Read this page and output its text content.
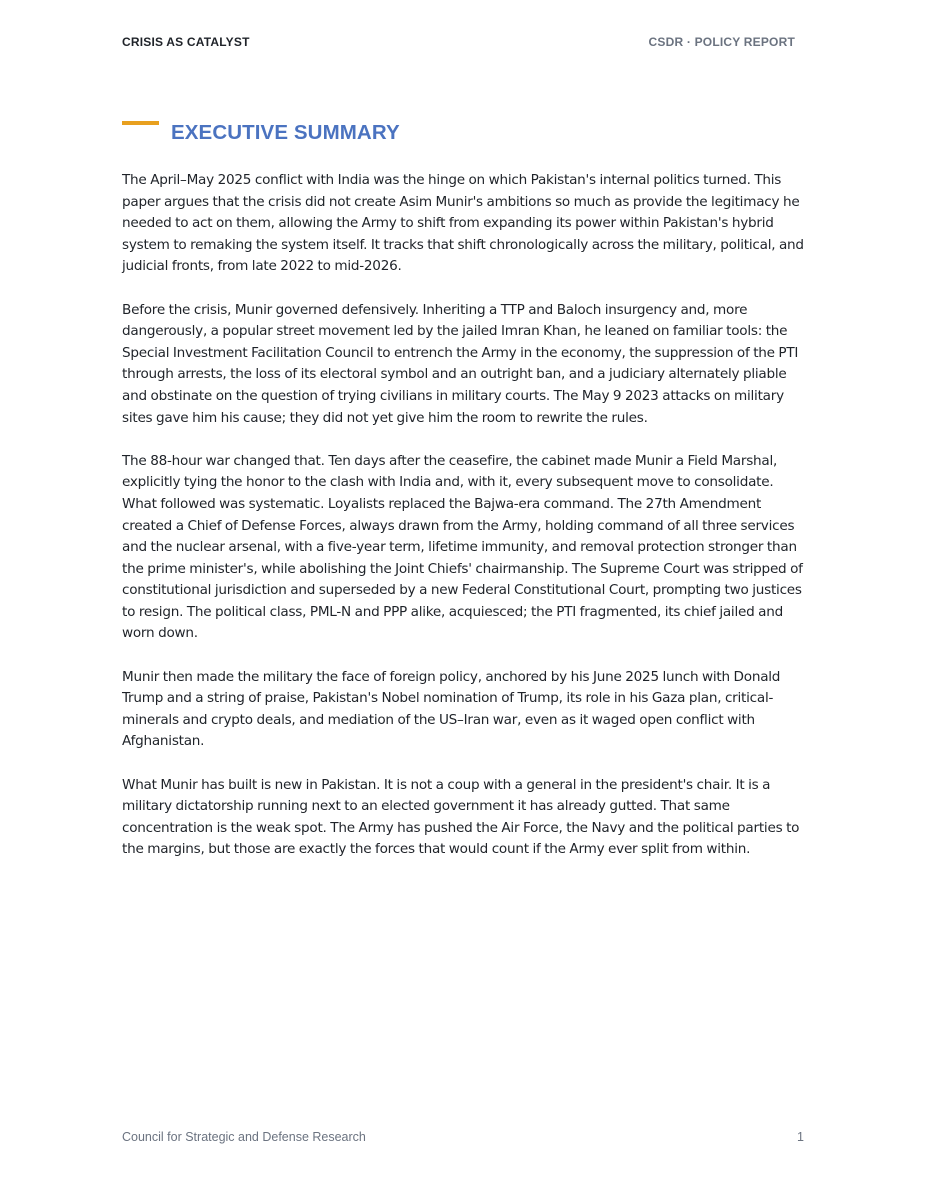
CRISIS AS CATALYST	CSDR · POLICY REPORT
EXECUTIVE SUMMARY

The April–May 2025 conflict with India was the hinge on which Pakistan's internal politics turned. This paper argues that the crisis did not create Asim Munir's ambitions so much as provide the legitimacy he needed to act on them, allowing the Army to shift from expanding its power within Pakistan's hybrid system to remaking the system itself. It tracks that shift chronologically across the military, political, and judicial fronts, from late 2022 to mid-2026.

Before the crisis, Munir governed defensively. Inheriting a TTP and Baloch insurgency and, more dangerously, a popular street movement led by the jailed Imran Khan, he leaned on familiar tools: the Special Investment Facilitation Council to entrench the Army in the economy, the suppression of the PTI through arrests, the loss of its electoral symbol and an outright ban, and a judiciary alternately pliable and obstinate on the question of trying civilians in military courts. The May 9 2023 attacks on military sites gave him his cause; they did not yet give him the room to rewrite the rules.

The 88-hour war changed that. Ten days after the ceasefire, the cabinet made Munir a Field Marshal, explicitly tying the honor to the clash with India and, with it, every subsequent move to consolidate. What followed was systematic. Loyalists replaced the Bajwa-era command. The 27th Amendment created a Chief of Defense Forces, always drawn from the Army, holding command of all three services and the nuclear arsenal, with a five-year term, lifetime immunity, and removal protection stronger than the prime minister's, while abolishing the Joint Chiefs' chairmanship. The Supreme Court was stripped of constitutional jurisdiction and superseded by a new Federal Constitutional Court, prompting two justices to resign. The political class, PML-N and PPP alike, acquiesced; the PTI fragmented, its chief jailed and worn down.

Munir then made the military the face of foreign policy, anchored by his June 2025 lunch with Donald Trump and a string of praise, Pakistan's Nobel nomination of Trump, its role in his Gaza plan, critical-minerals and crypto deals, and mediation of the US–Iran war, even as it waged open conflict with Afghanistan.

What Munir has built is new in Pakistan. It is not a coup with a general in the president's chair. It is a military dictatorship running next to an elected government it has already gutted. That same concentration is the weak spot. The Army has pushed the Air Force, the Navy and the political parties to the margins, but those are exactly the forces that would count if the Army ever split from within.

Council for Strategic and Defense Research	1
